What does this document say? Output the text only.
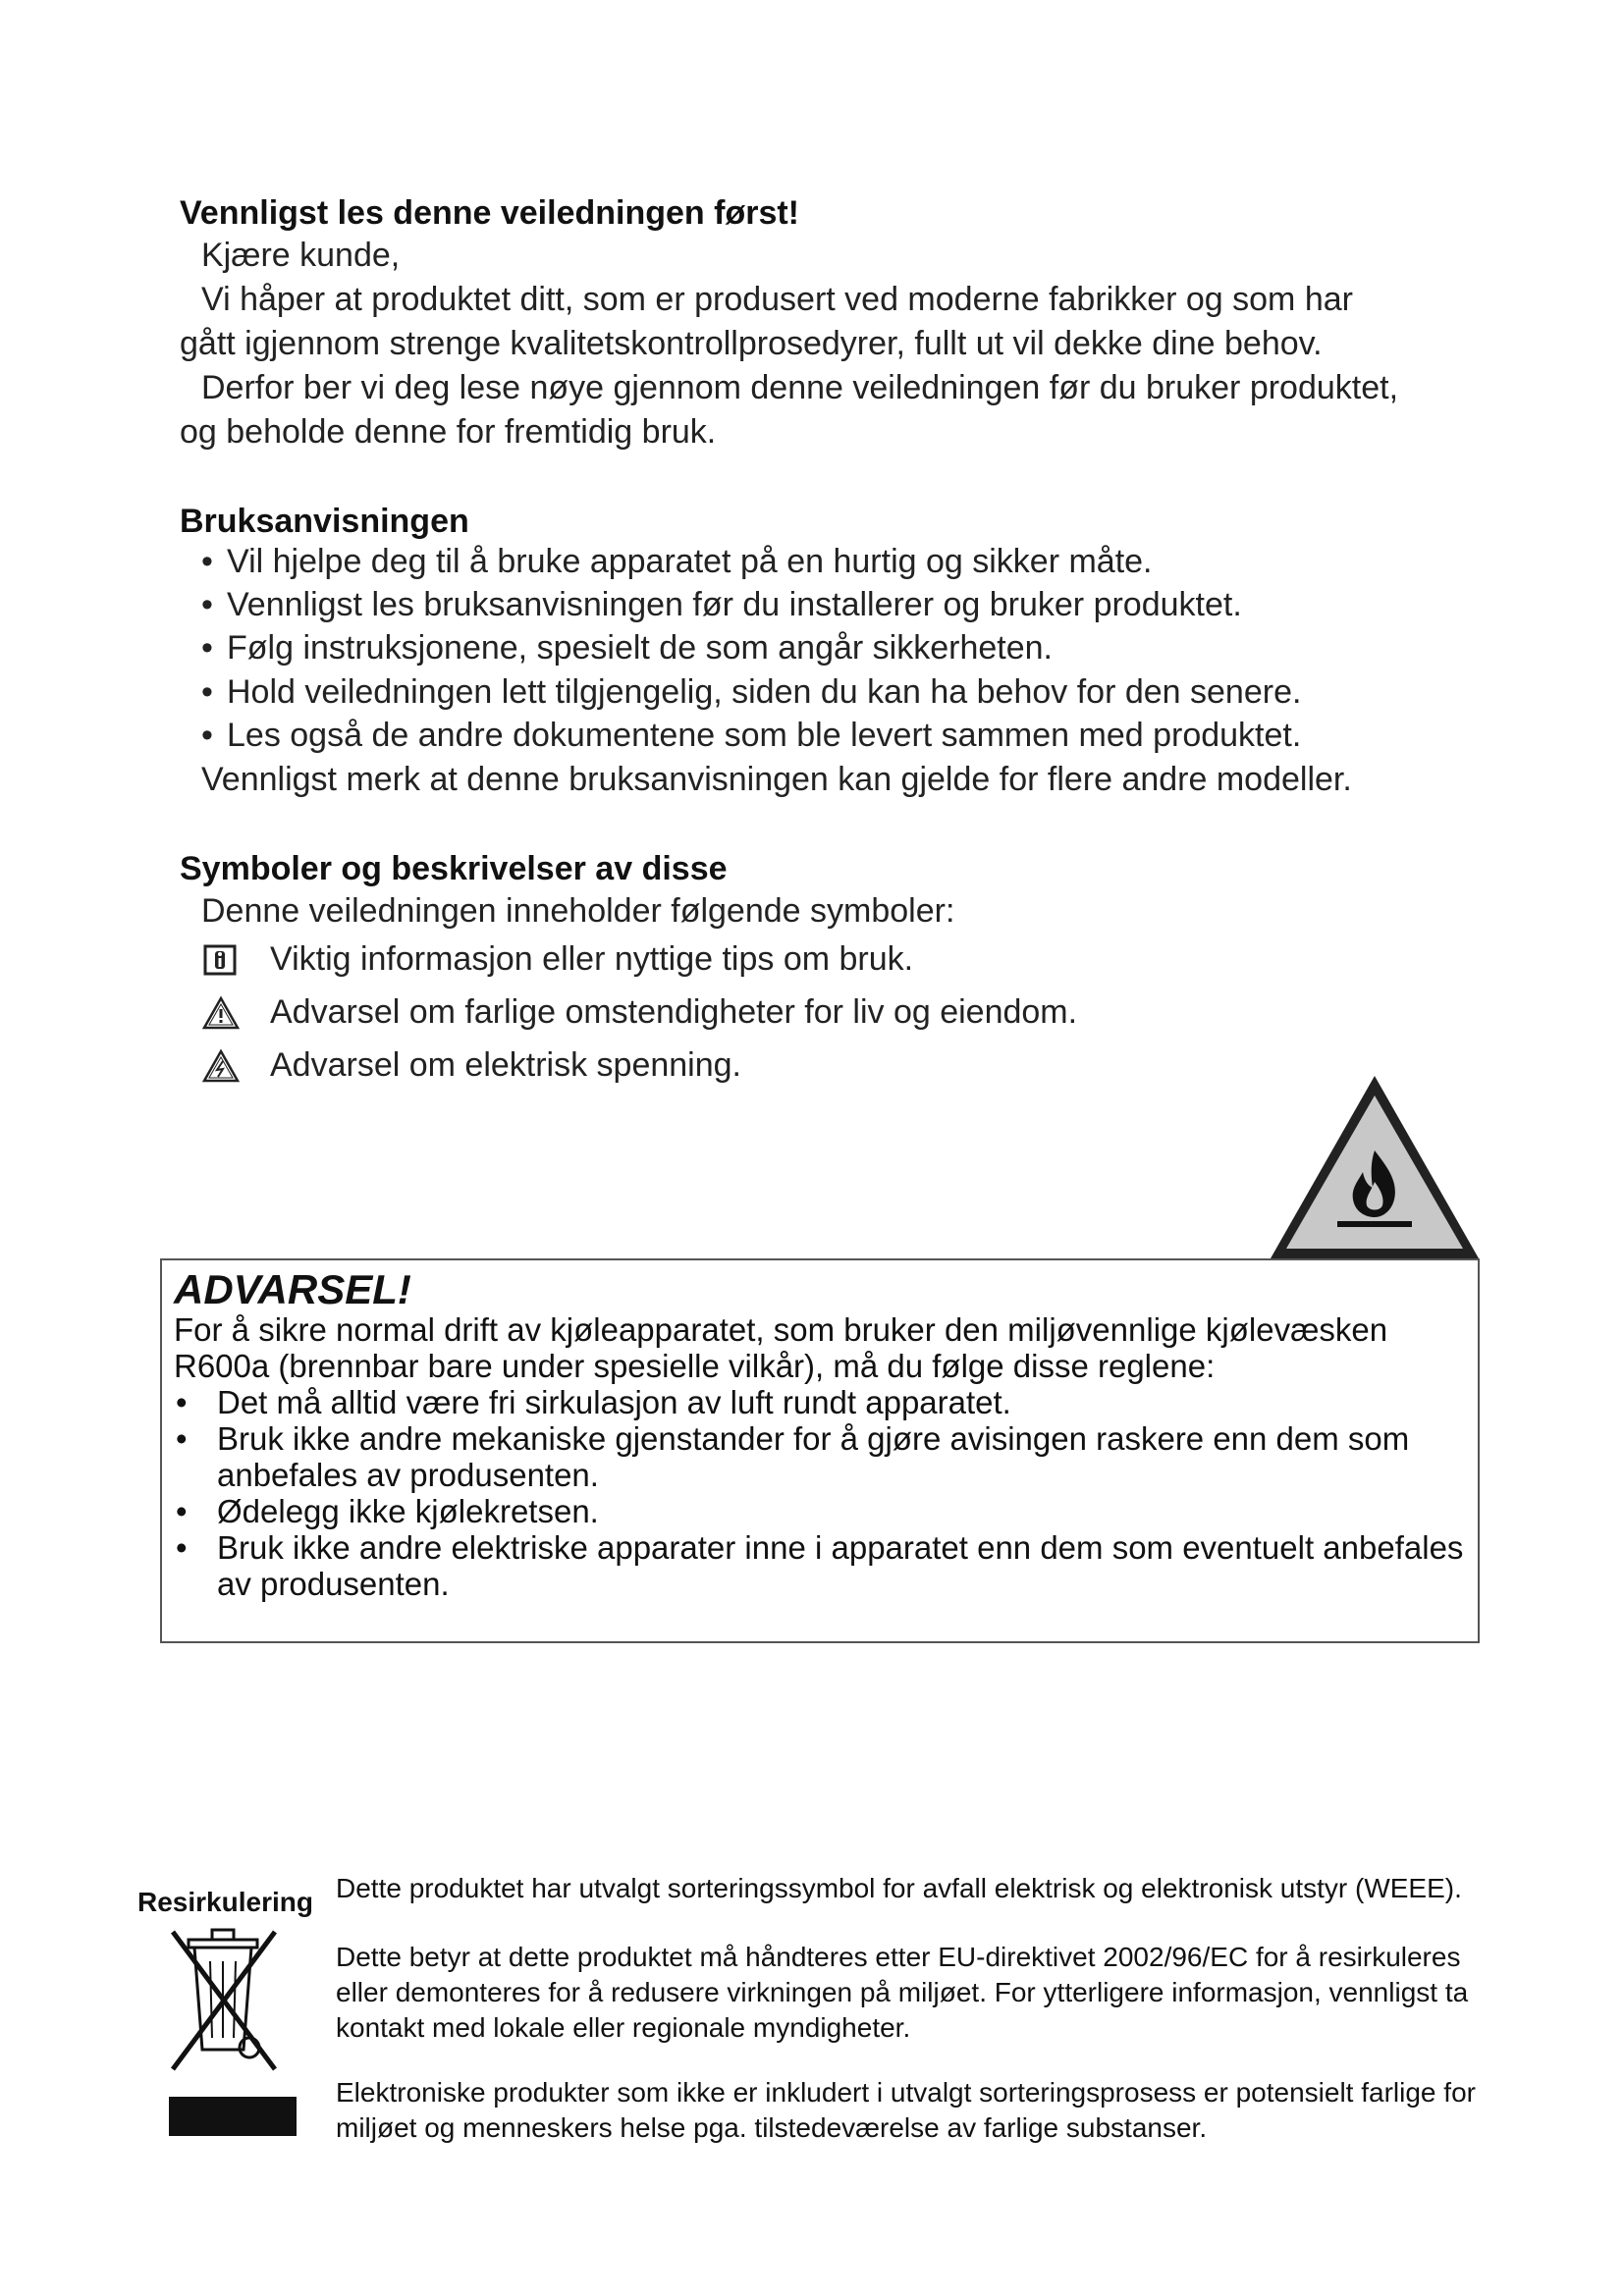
Vennligst les denne veiledningen først!
Kjære kunde,
Vi håper at produktet ditt, som er produsert ved moderne fabrikker og som har
gått igjennom strenge kvalitetskontrollprosedyrer, fullt ut vil dekke dine behov.
Derfor ber vi deg lese nøye gjennom denne veiledningen før du bruker produktet,
og beholde denne for fremtidig bruk.
Bruksanvisningen
• Vil hjelpe deg til å bruke apparatet på en hurtig og sikker måte.
• Vennligst les bruksanvisningen før du installerer og bruker produktet.
• Følg instruksjonene, spesielt de som angår sikkerheten.
• Hold veiledningen lett tilgjengelig, siden du kan ha behov for den senere.
• Les også de andre dokumentene som ble levert sammen med produktet.
Vennligst merk at denne bruksanvisningen kan gjelde for flere andre modeller.
Symboler og beskrivelser av disse
Denne veiledningen inneholder følgende symboler:
Viktig informasjon eller nyttige tips om bruk.
Advarsel om farlige omstendigheter for liv og eiendom.
Advarsel om elektrisk spenning.
ADVARSEL!
For å sikre normal drift av kjøleapparatet, som bruker den miljøvennlige kjølevæsken R600a (brennbar bare under spesielle vilkår), må du følge disse reglene:
• Det må alltid være fri sirkulasjon av luft rundt apparatet.
• Bruk ikke andre mekaniske gjenstander for å gjøre avisingen raskere enn dem som anbefales av produsenten.
• Ødelegg ikke kjølekretsen.
• Bruk ikke andre elektriske apparater inne i apparatet enn dem som eventuelt anbefales av produsenten.
Resirkulering Dette produktet har utvalgt sorteringssymbol for avfall elektrisk og elektronisk utstyr (WEEE).
Dette betyr at dette produktet må håndteres etter EU-direktivet 2002/96/EC for å resirkuleres eller demonteres for å redusere virkningen på miljøet. For ytterligere informasjon, vennligst ta kontakt med lokale eller regionale myndigheter.
Elektroniske produkter som ikke er inkludert i utvalgt sorteringsprosess er potensielt farlige for miljøet og menneskers helse pga. tilstedeværelse av farlige substanser.
